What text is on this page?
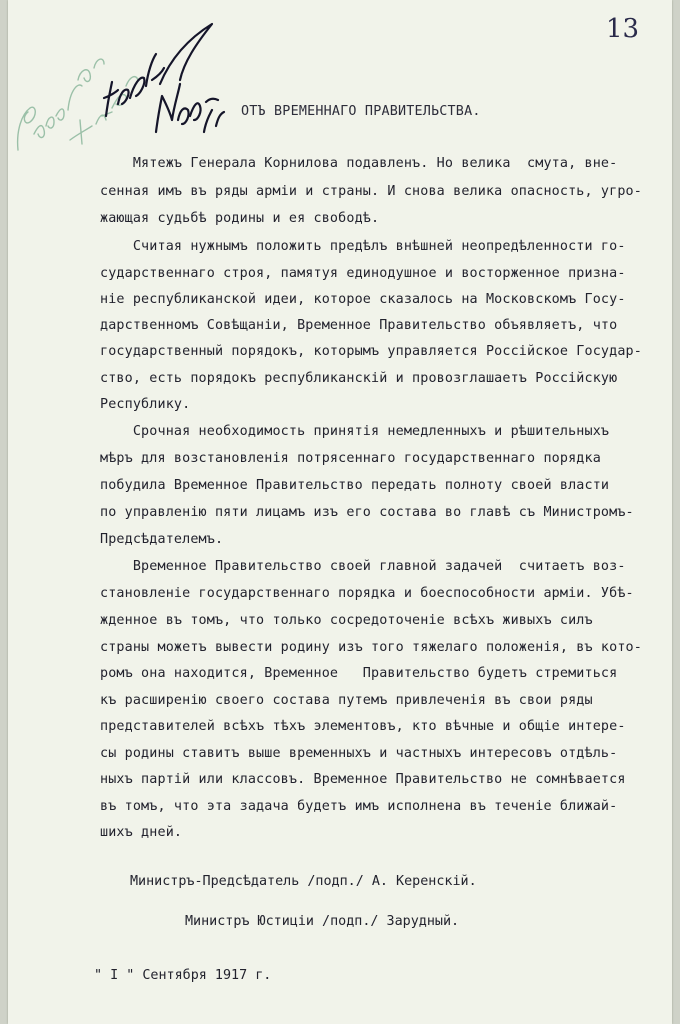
13
ОТЪ ВРЕМЕННАГО ПРАВИТЕЛЬСТВА.
Мятежъ Генерала Корнилова подавленъ. Но велика  смута, вне-
сенная имъ въ ряды арміи и страны. И снова велика опасность, угро-
жающая судьбѣ родины и ея свободѣ.
Считая нужнымъ положить предѣлъ внѣшней неопредѣленности го-
сударственнаго строя, памятуя единодушное и восторженное призна-
ніе республиканской идеи, которое сказалось на Московскомъ Госу-
дарственномъ Совѣщаніи, Временное Правительство объявляетъ, что
государственный порядокъ, которымъ управляется Россійское Государ-
ство, есть порядокъ республиканскій и провозглашаетъ Россійскую
Республику.
Срочная необходимость принятія немедленныхъ и рѣшительныхъ
мѣръ для возстановленія потрясеннаго государственнаго порядка
побудила Временное Правительство передать полноту своей власти
по управленію пяти лицамъ изъ его состава во главѣ съ Министромъ-
Предсѣдателемъ.
Временное Правительство своей главной задачей  считаетъ воз-
становленіе государственнаго порядка и боеспособности арміи. Убѣ-
жденное въ томъ, что только сосредоточеніе всѣхъ живыхъ силъ
страны можетъ вывести родину изъ того тяжелаго положенія, въ кото-
ромъ она находится, Временное   Правительство будетъ стремиться
къ расширенію своего состава путемъ привлеченія въ свои ряды
представителей всѣхъ тѣхъ элементовъ, кто вѣчные и общіе интере-
сы родины ставитъ выше временныхъ и частныхъ интересовъ отдѣль-
ныхъ партій или классовъ. Временное Правительство не сомнѣвается
въ томъ, что эта задача будетъ имъ исполнена въ теченіе ближай-
шихъ дней.
Министръ-Предсѣдатель /подп./ А. Керенскій.
Министръ Юстиціи /подп./ Зарудный.
" I " Сентября 1917 г.
